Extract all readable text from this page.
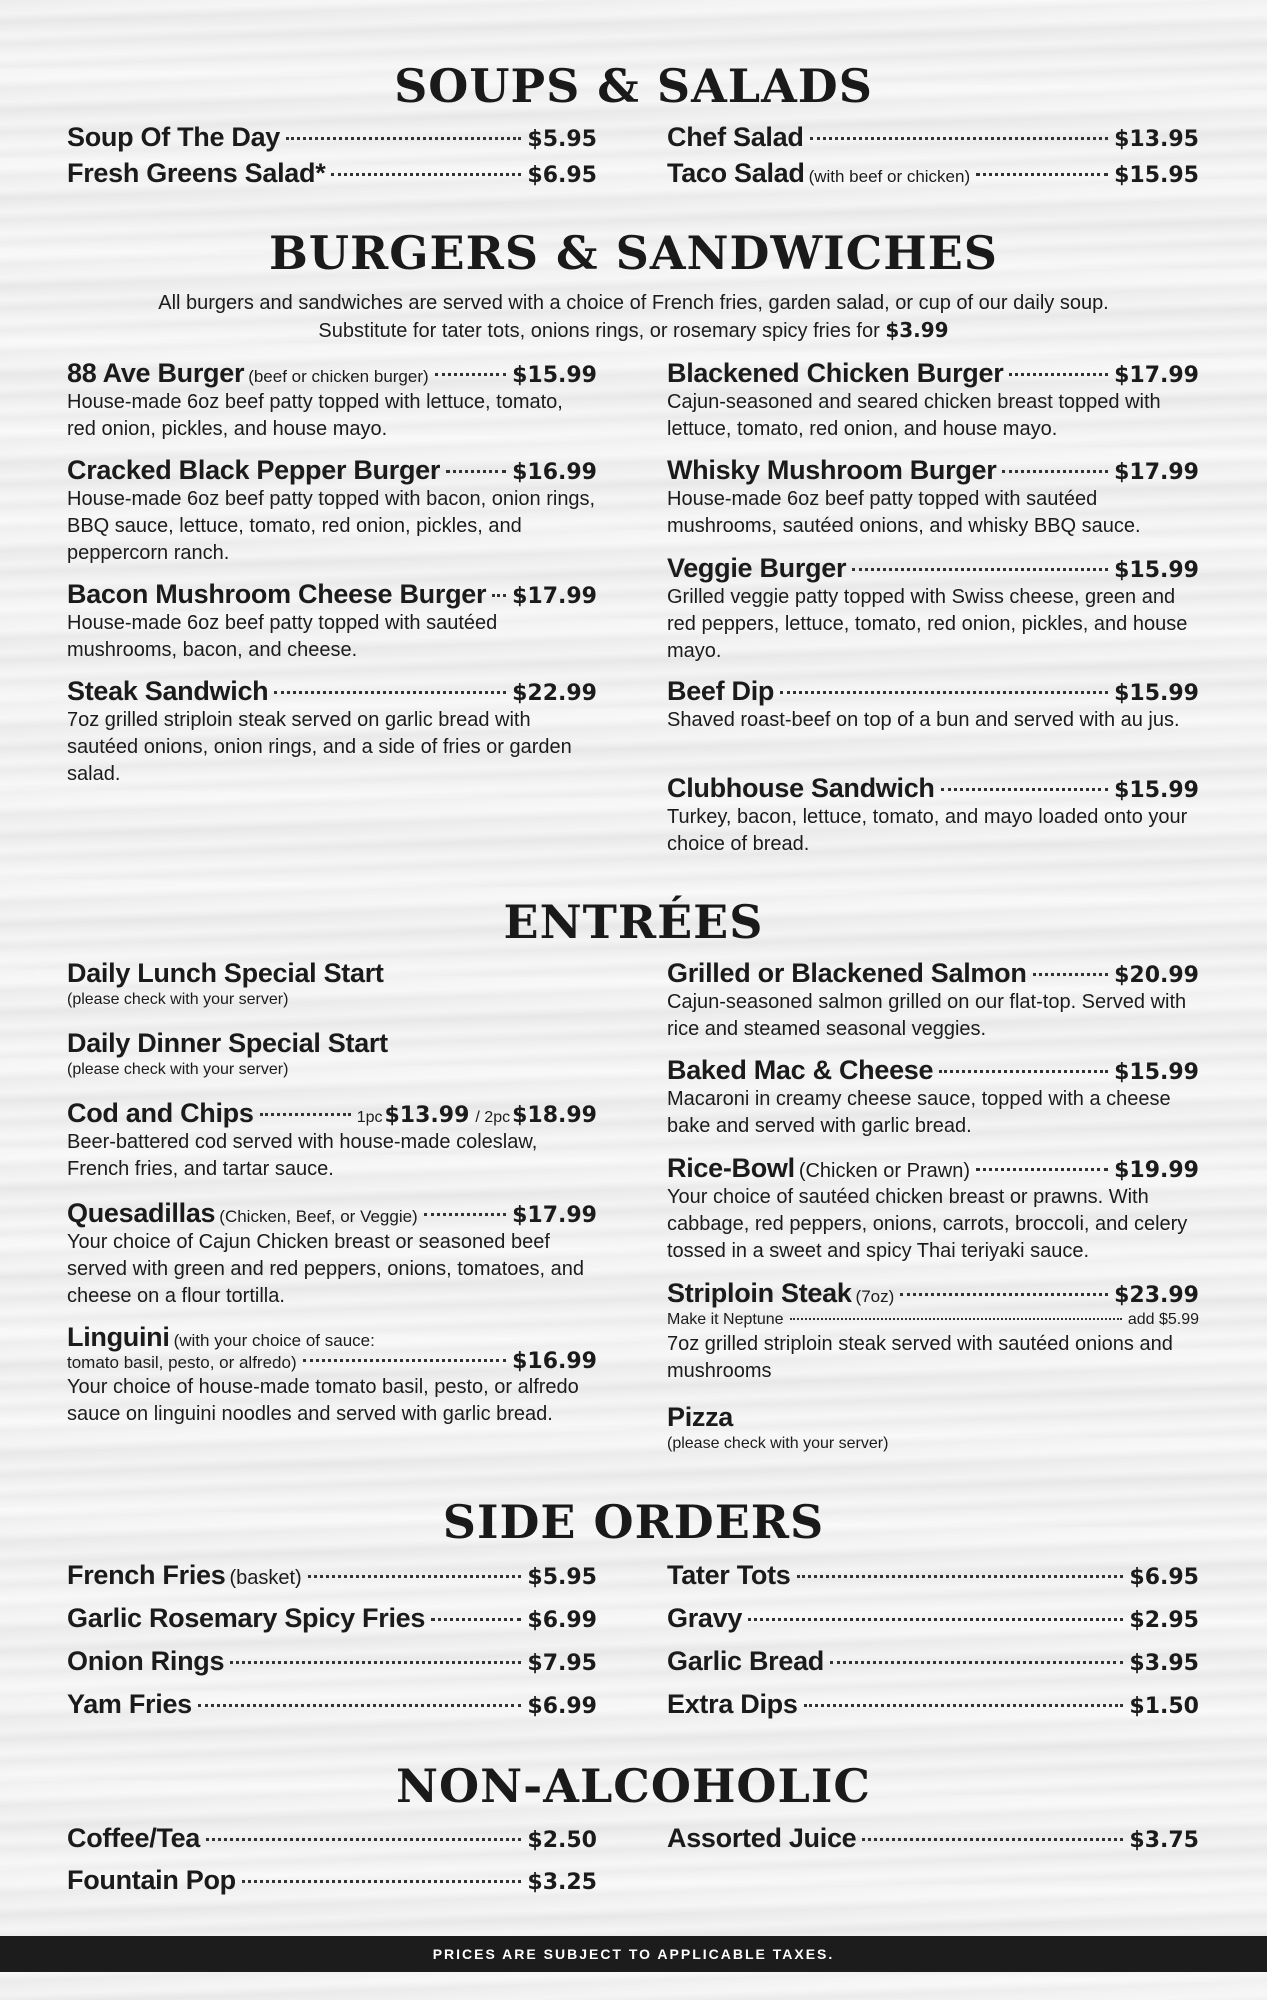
SOUPS & SALADS
Soup Of The Day	$5.95
Fresh Greens Salad*	$6.95
Chef Salad	$13.95
Taco Salad (with beef or chicken)	$15.95
BURGERS & SANDWICHES

All burgers and sandwiches are served with a choice of French fries, garden salad, or cup of our daily soup.

Substitute for tater tots, onions rings, or rosemary spicy fries for $3.99

88 Ave Burger (beef or chicken burger)	$15.99

House-made 6oz beef patty topped with lettuce, tomato, red onion, pickles, and house mayo.

Cracked Black Pepper Burger	$16.99

House-made 6oz beef patty topped with bacon, onion rings, BBQ sauce, lettuce, tomato, red onion, pickles, and peppercorn ranch.

Bacon Mushroom Cheese Burger $17.99

House-made 6oz beef patty topped with sautéed mushrooms, bacon, and cheese.

Steak Sandwich	$22.99

7oz grilled striploin steak served on garlic bread with sautéed onions, onion rings, and a side of fries or garden salad.

Blackened Chicken Burger	$17.99

Cajun-seasoned and seared chicken breast topped with lettuce, tomato, red onion, and house mayo.

Whisky Mushroom Burger	$17.99

House-made 6oz beef patty topped with sautéed mushrooms, sautéed onions, and whisky BBQ sauce.

Veggie Burger	$15.99

Grilled veggie patty topped with Swiss cheese, green and red peppers, lettuce, tomato, red onion, pickles, and house mayo.

Beef Dip	$15.99

Shaved roast-beef on top of a bun and served with au jus.

Clubhouse Sandwich	$15.99

Turkey, bacon, lettuce, tomato, and mayo loaded onto your choice of bread.

ENTRÉES
Daily Lunch Special Start

(please check with your server)

Daily Dinner Special Start

(please check with your server)

Cod and Chips	1pc $13.99 / 2pc $18.99

Beer-battered cod served with house-made coleslaw, French fries, and tartar sauce.

Quesadillas (Chicken, Beef, or Veggie)	$17.99

Your choice of Cajun Chicken breast or seasoned beef served with green and red peppers, onions, tomatoes, and cheese on a flour tortilla.

Linguini (with your choice of sauce:
tomato basil, pesto, or alfredo)	$16.99

Your choice of house-made tomato basil, pesto, or alfredo sauce on linguini noodles and served with garlic bread.

Grilled or Blackened Salmon	$20.99

Cajun-seasoned salmon grilled on our flat-top. Served with rice and steamed seasonal veggies.

Baked Mac & Cheese	$15.99

Macaroni in creamy cheese sauce, topped with a cheese bake and served with garlic bread.

Rice-Bowl (Chicken or Prawn)	$19.99

Your choice of sautéed chicken breast or prawns. With cabbage, red peppers, onions, carrots, broccoli, and celery tossed in a sweet and spicy Thai teriyaki sauce.

Striploin Steak (7oz)	$23.99
Make it Neptune	add $5.99

7oz grilled striploin steak served with sautéed onions and mushrooms

Pizza

(please check with your server)

SIDE ORDERS
French Fries (basket)	$5.95
Garlic Rosemary Spicy Fries	$6.99
Onion Rings	$7.95
Yam Fries	$6.99
Tater Tots	$6.95
Gravy	$2.95
Garlic Bread	$3.95
Extra Dips	$1.50
NON-ALCOHOLIC
Coffee/Tea	$2.50
Fountain Pop	$3.25
Assorted Juice	$3.75
PRICES ARE SUBJECT TO APPLICABLE TAXES.
